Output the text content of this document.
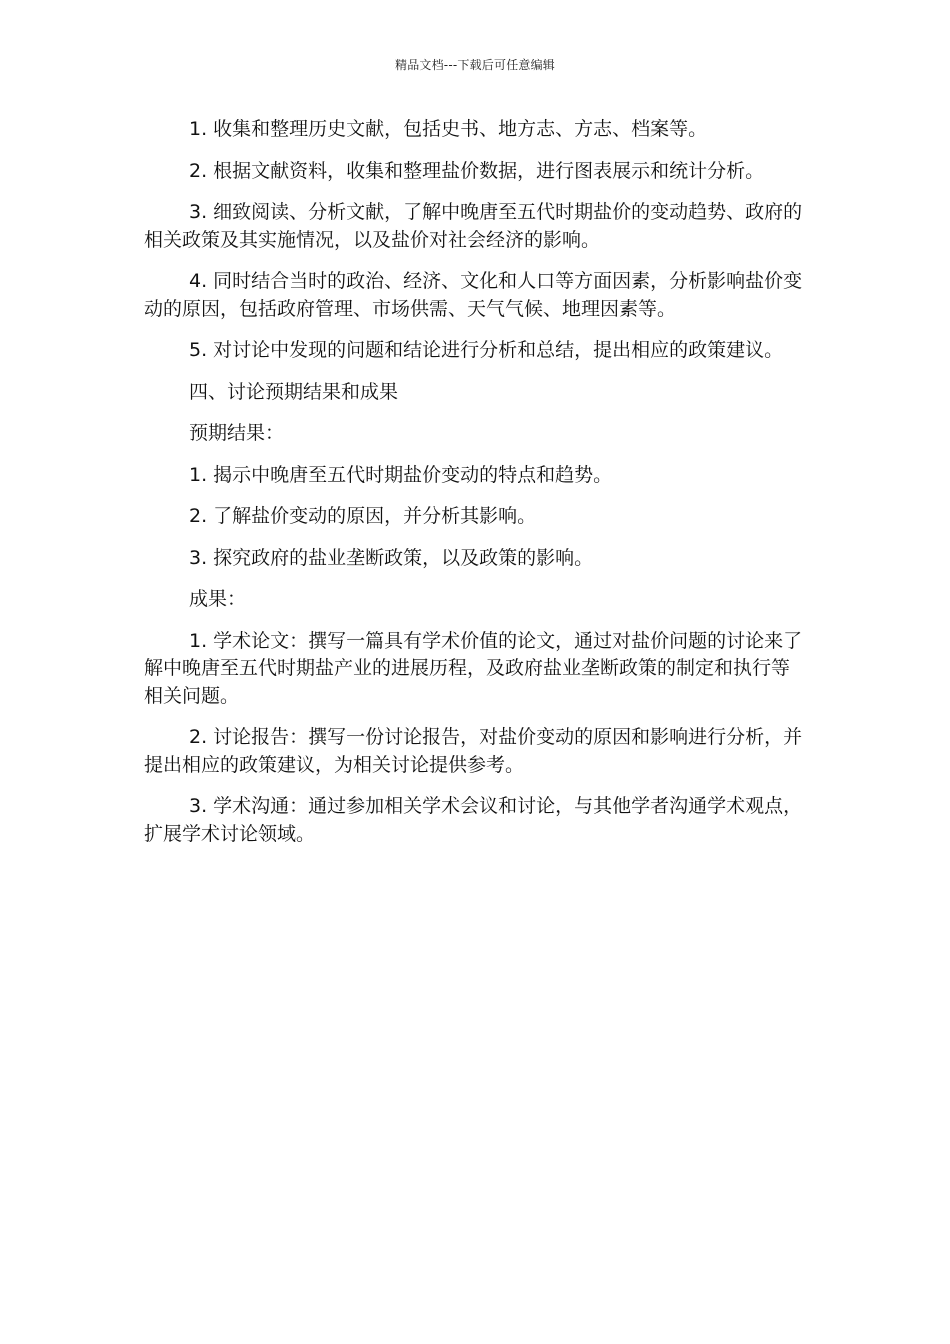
精品文档---下载后可任意编辑

1. 收集和整理历史文献，包括史书、地方志、方志、档案等。

2. 根据文献资料，收集和整理盐价数据，进行图表展示和统计分析。

3. 细致阅读、分析文献，了解中晚唐至五代时期盐价的变动趋势、政府的相关政策及其实施情况，以及盐价对社会经济的影响。

4. 同时结合当时的政治、经济、文化和人口等方面因素，分析影响盐价变动的原因，包括政府管理、市场供需、天气气候、地理因素等。

5. 对讨论中发现的问题和结论进行分析和总结，提出相应的政策建议。

四、讨论预期结果和成果

预期结果：

1. 揭示中晚唐至五代时期盐价变动的特点和趋势。

2. 了解盐价变动的原因，并分析其影响。

3. 探究政府的盐业垄断政策，以及政策的影响。

成果：

1. 学术论文：撰写一篇具有学术价值的论文，通过对盐价问题的讨论来了解中晚唐至五代时期盐产业的进展历程，及政府盐业垄断政策的制定和执行等相关问题。

2. 讨论报告：撰写一份讨论报告，对盐价变动的原因和影响进行分析，并提出相应的政策建议，为相关讨论提供参考。

3. 学术沟通：通过参加相关学术会议和讨论，与其他学者沟通学术观点，扩展学术讨论领域。
